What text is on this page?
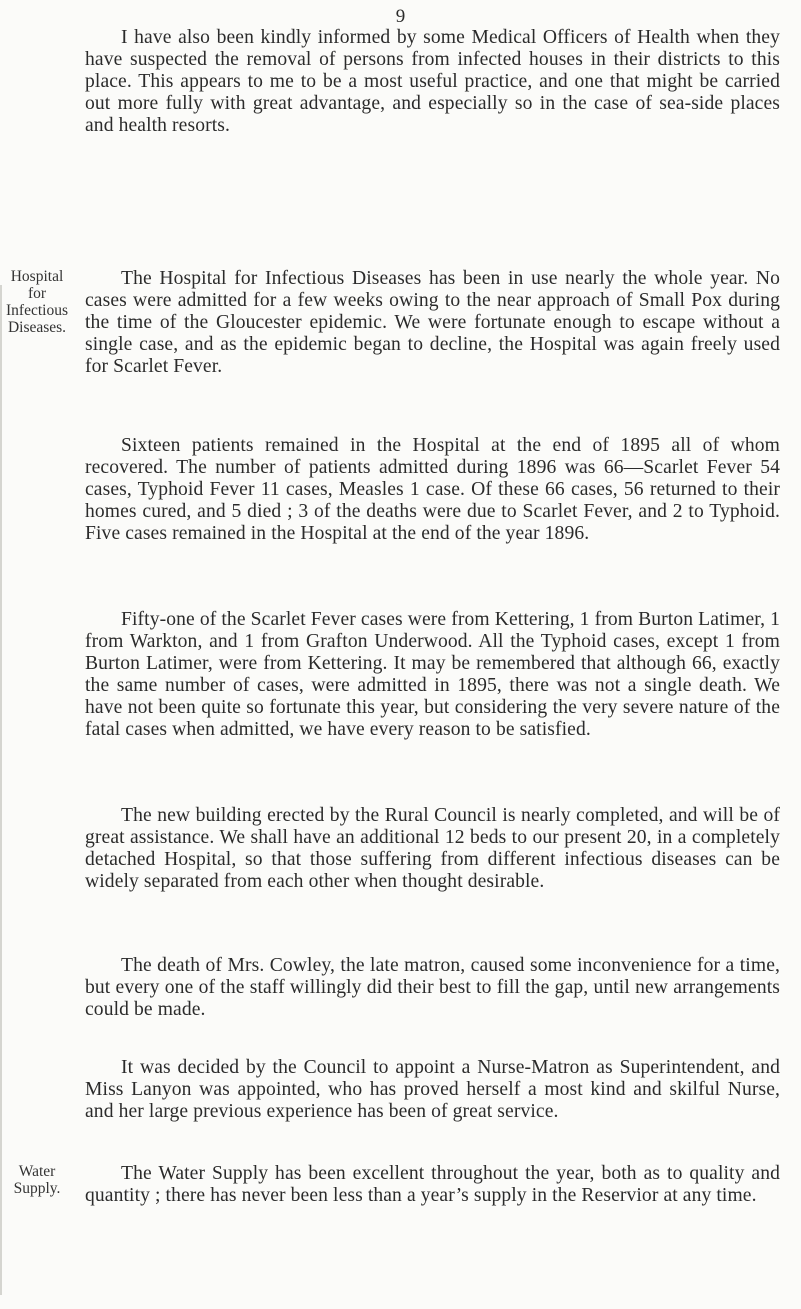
9
Hospital for Infectious Diseases.
Water Supply.

I have also been kindly informed by some Medical Officers of Health when they have suspected the removal of persons from infected houses in their districts to this place. This appears to me to be a most useful practice, and one that might be carried out more fully with great advantage, and especially so in the case of sea-side places and health resorts.

The Hospital for Infectious Diseases has been in use nearly the whole year. No cases were admitted for a few weeks owing to the near approach of Small Pox during the time of the Gloucester epidemic. We were fortunate enough to escape without a single case, and as the epidemic began to decline, the Hospital was again freely used for Scarlet Fever.

Sixteen patients remained in the Hospital at the end of 1895 all of whom recovered. The number of patients admitted during 1896 was 66—Scarlet Fever 54 cases, Typhoid Fever 11 cases, Measles 1 case. Of these 66 cases, 56 returned to their homes cured, and 5 died ; 3 of the deaths were due to Scarlet Fever, and 2 to Typhoid. Five cases remained in the Hospital at the end of the year 1896.

Fifty-one of the Scarlet Fever cases were from Kettering, 1 from Burton Latimer, 1 from Warkton, and 1 from Grafton Underwood. All the Typhoid cases, except 1 from Burton Latimer, were from Kettering. It may be remembered that although 66, exactly the same number of cases, were admitted in 1895, there was not a single death. We have not been quite so fortunate this year, but considering the very severe nature of the fatal cases when admitted, we have every reason to be satisfied.

The new building erected by the Rural Council is nearly completed, and will be of great assistance. We shall have an additional 12 beds to our present 20, in a completely detached Hospital, so that those suffering from different infectious diseases can be widely separated from each other when thought desirable.

The death of Mrs. Cowley, the late matron, caused some inconvenience for a time, but every one of the staff willingly did their best to fill the gap, until new arrangements could be made.

It was decided by the Council to appoint a Nurse-Matron as Superintendent, and Miss Lanyon was appointed, who has proved herself a most kind and skilful Nurse, and her large previous experience has been of great service.

The Water Supply has been excellent throughout the year, both as to quality and quantity ; there has never been less than a year’s supply in the Reservior at any time.
